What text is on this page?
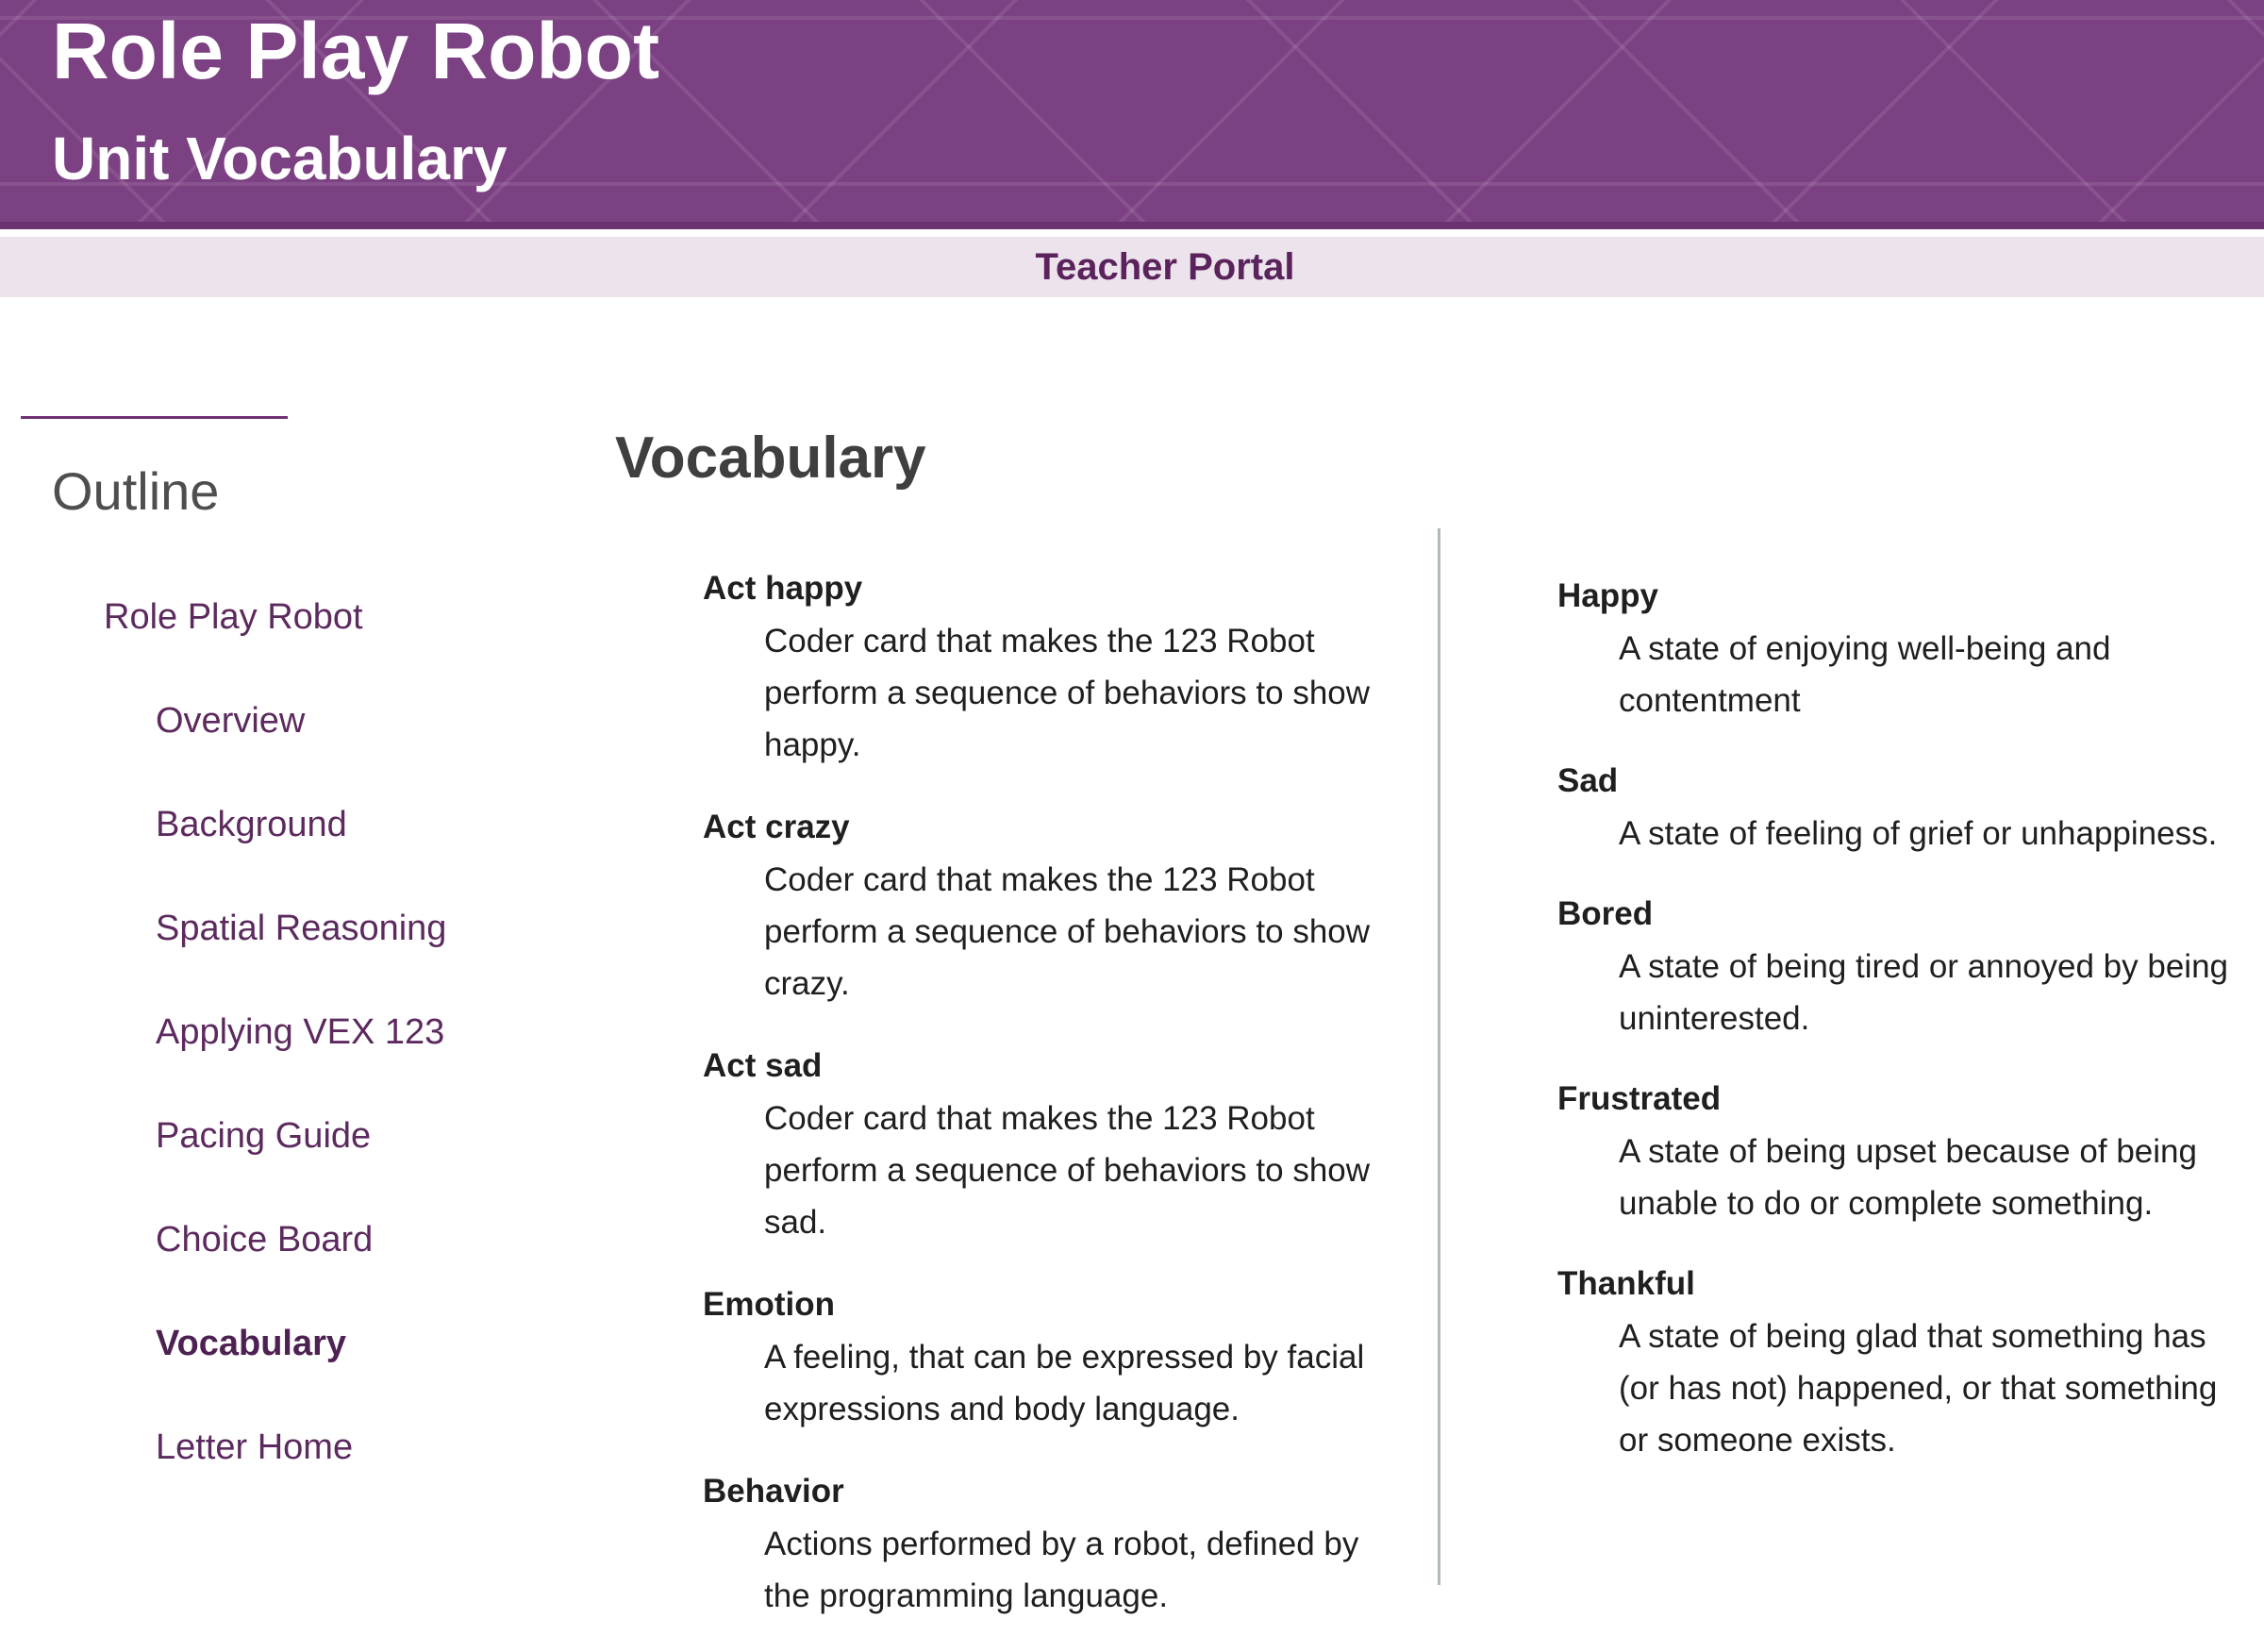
Role Play Robot
Unit Vocabulary
Teacher Portal
Outline
Role Play Robot
Overview
Background
Spatial Reasoning
Applying VEX 123
Pacing Guide
Choice Board
Vocabulary
Letter Home
Vocabulary
Act happy
Coder card that makes the 123 Robot perform a sequence of behaviors to show happy.
Act crazy
Coder card that makes the 123 Robot perform a sequence of behaviors to show crazy.
Act sad
Coder card that makes the 123 Robot perform a sequence of behaviors to show sad.
Emotion
A feeling, that can be expressed by facial expressions and body language.
Behavior
Actions performed by a robot, defined by the programming language.
Happy
A state of enjoying well-being and contentment
Sad
A state of feeling of grief or unhappiness.
Bored
A state of being tired or annoyed by being uninterested.
Frustrated
A state of being upset because of being unable to do or complete something.
Thankful
A state of being glad that something has (or has not) happened, or that something or someone exists.
